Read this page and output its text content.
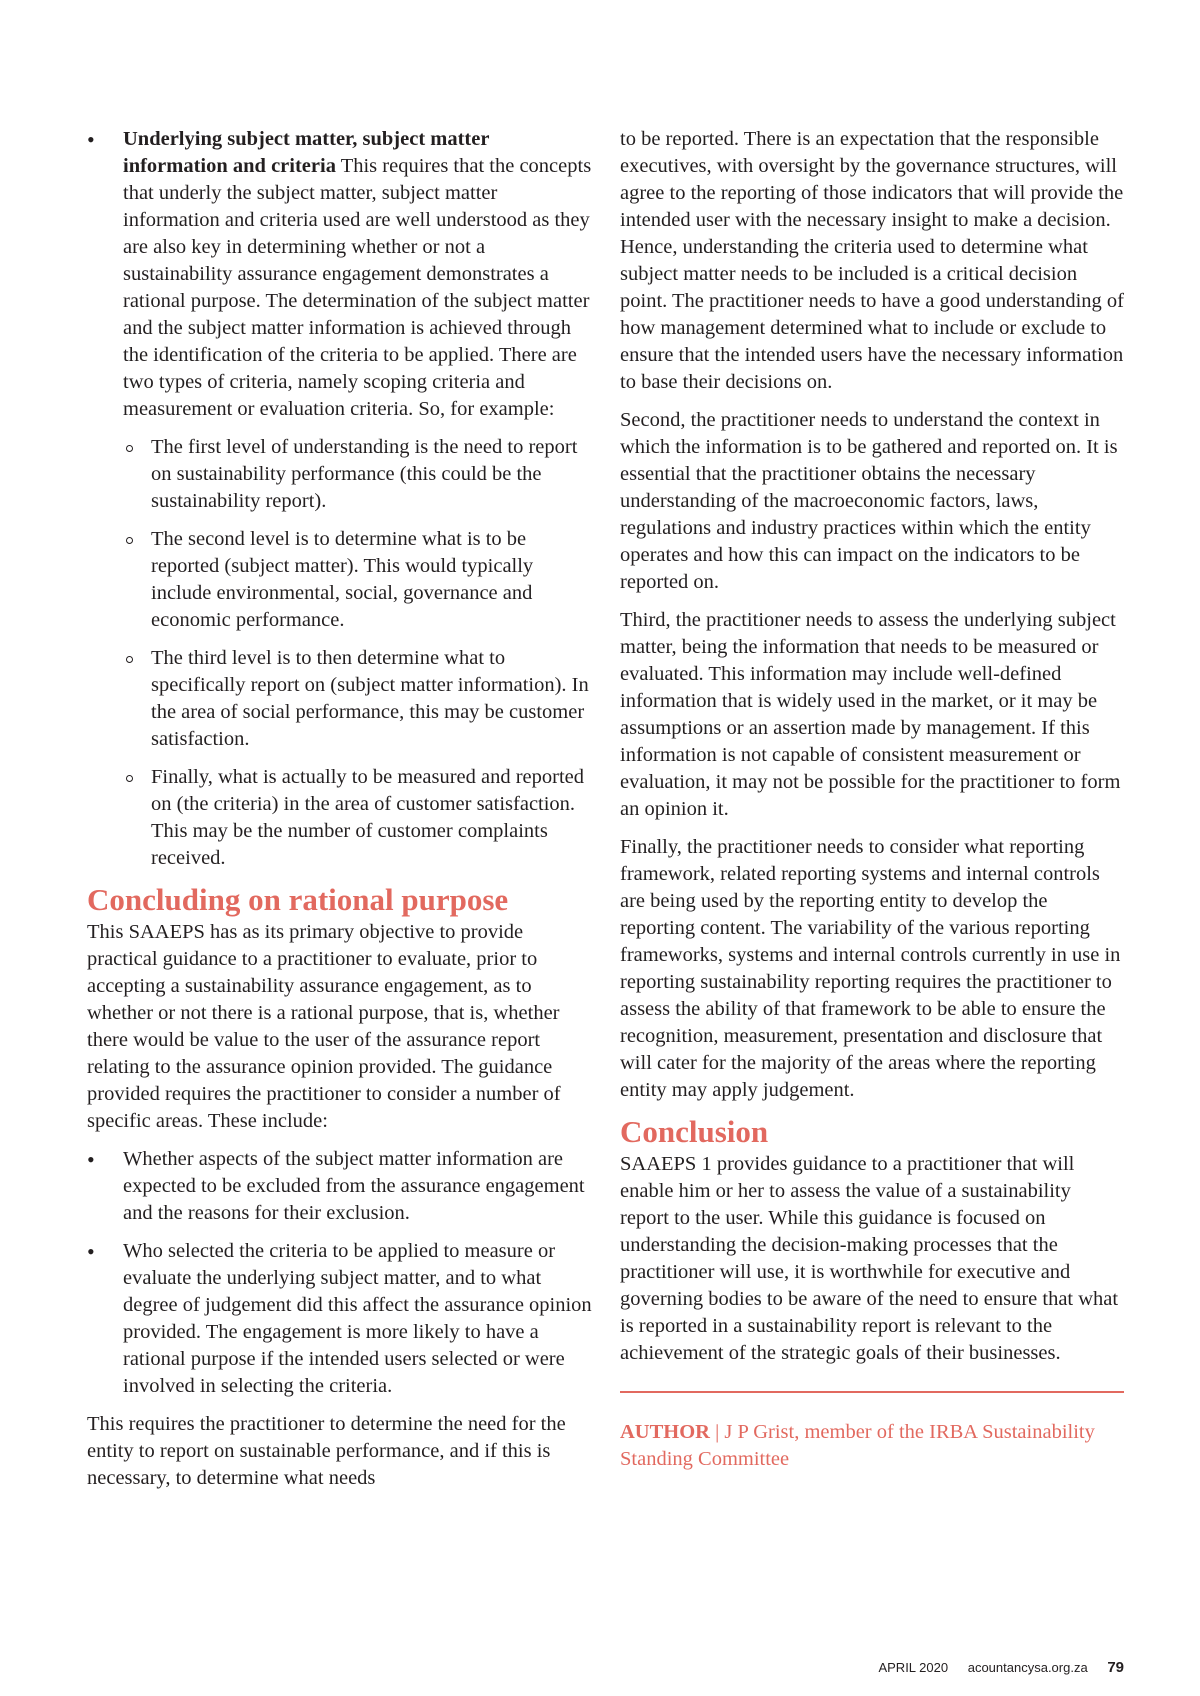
• Underlying subject matter, subject matter information and criteria This requires that the concepts that underly the subject matter, subject matter information and criteria used are well understood as they are also key in determining whether or not a sustainability assurance engagement demonstrates a rational purpose. The determination of the subject matter and the subject matter information is achieved through the identification of the criteria to be applied. There are two types of criteria, namely scoping criteria and measurement or evaluation criteria. So, for example:
The first level of understanding is the need to report on sustainability performance (this could be the sustainability report).
The second level is to determine what is to be reported (subject matter). This would typically include environmental, social, governance and economic performance.
The third level is to then determine what to specifically report on (subject matter information). In the area of social performance, this may be customer satisfaction.
Finally, what is actually to be measured and reported on (the criteria) in the area of customer satisfaction. This may be the number of customer complaints received.
Concluding on rational purpose

This SAAEPS has as its primary objective to provide practical guidance to a practitioner to evaluate, prior to accepting a sustainability assurance engagement, as to whether or not there is a rational purpose, that is, whether there would be value to the user of the assurance report relating to the assurance opinion provided. The guidance provided requires the practitioner to consider a number of specific areas. These include:

• Whether aspects of the subject matter information are expected to be excluded from the assurance engagement and the reasons for their exclusion.
• Who selected the criteria to be applied to measure or evaluate the underlying subject matter, and to what degree of judgement did this affect the assurance opinion provided. The engagement is more likely to have a rational purpose if the intended users selected or were involved in selecting the criteria.

This requires the practitioner to determine the need for the entity to report on sustainable performance, and if this is necessary, to determine what needs

to be reported. There is an expectation that the responsible executives, with oversight by the governance structures, will agree to the reporting of those indicators that will provide the intended user with the necessary insight to make a decision. Hence, understanding the criteria used to determine what subject matter needs to be included is a critical decision point. The practitioner needs to have a good understanding of how management determined what to include or exclude to ensure that the intended users have the necessary information to base their decisions on.

Second, the practitioner needs to understand the context in which the information is to be gathered and reported on. It is essential that the practitioner obtains the necessary understanding of the macroeconomic factors, laws, regulations and industry practices within which the entity operates and how this can impact on the indicators to be reported on.

Third, the practitioner needs to assess the underlying subject matter, being the information that needs to be measured or evaluated. This information may include well-defined information that is widely used in the market, or it may be assumptions or an assertion made by management. If this information is not capable of consistent measurement or evaluation, it may not be possible for the practitioner to form an opinion it.

Finally, the practitioner needs to consider what reporting framework, related reporting systems and internal controls are being used by the reporting entity to develop the reporting content. The variability of the various reporting frameworks, systems and internal controls currently in use in reporting sustainability reporting requires the practitioner to assess the ability of that framework to be able to ensure the recognition, measurement, presentation and disclosure that will cater for the majority of the areas where the reporting entity may apply judgement.

Conclusion

SAAEPS 1 provides guidance to a practitioner that will enable him or her to assess the value of a sustainability report to the user. While this guidance is focused on understanding the decision-making processes that the practitioner will use, it is worthwhile for executive and governing bodies to be aware of the need to ensure that what is reported in a sustainability report is relevant to the achievement of the strategic goals of their businesses.

AUTHOR | J P Grist, member of the IRBA Sustainability Standing Committee
APRIL 2020 acountancysa.org.za 79
